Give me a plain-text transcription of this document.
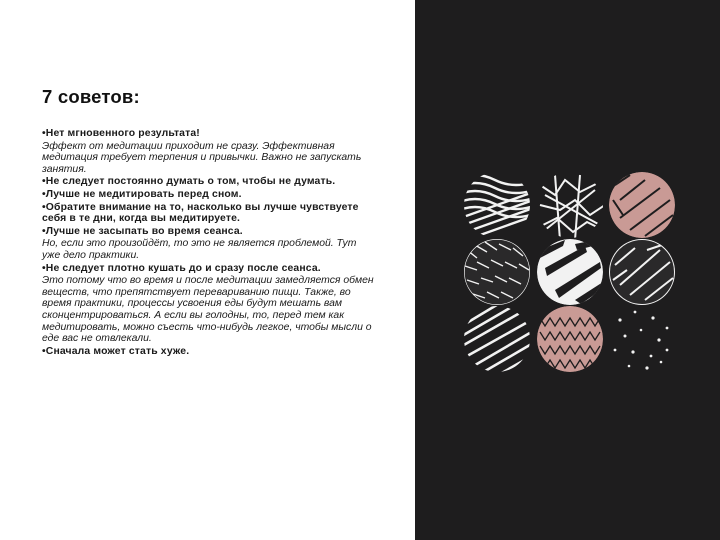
7 советов:

•Нет мгновенного результата!

Эффект от медитации приходит не сразу. Эффективная медитация требует терпения и привычки. Важно не запускать занятия.

•Не следует постоянно думать о том, чтобы не думать.

•Лучше не медитировать перед сном.

•Обратите внимание на то, насколько вы лучше чувствуете себя в те дни, когда вы медитируете.

•Лучше не засыпать во время сеанса.

Но, если это произойдёт, то это не является проблемой. Тут уже дело практики.

•Не следует плотно кушать до и сразу после сеанса.

Это потому что во время и после медитации замедляется обмен веществ, что препятствует перевариванию пищи. Также, во время практики, процессы усвоения еды будут мешать вам сконцентрироваться. А если вы голодны, то, перед тем как медитировать, можно съесть что-нибудь легкое, чтобы мысли о еде вас не отвлекали.

•Сначала может стать хуже.
